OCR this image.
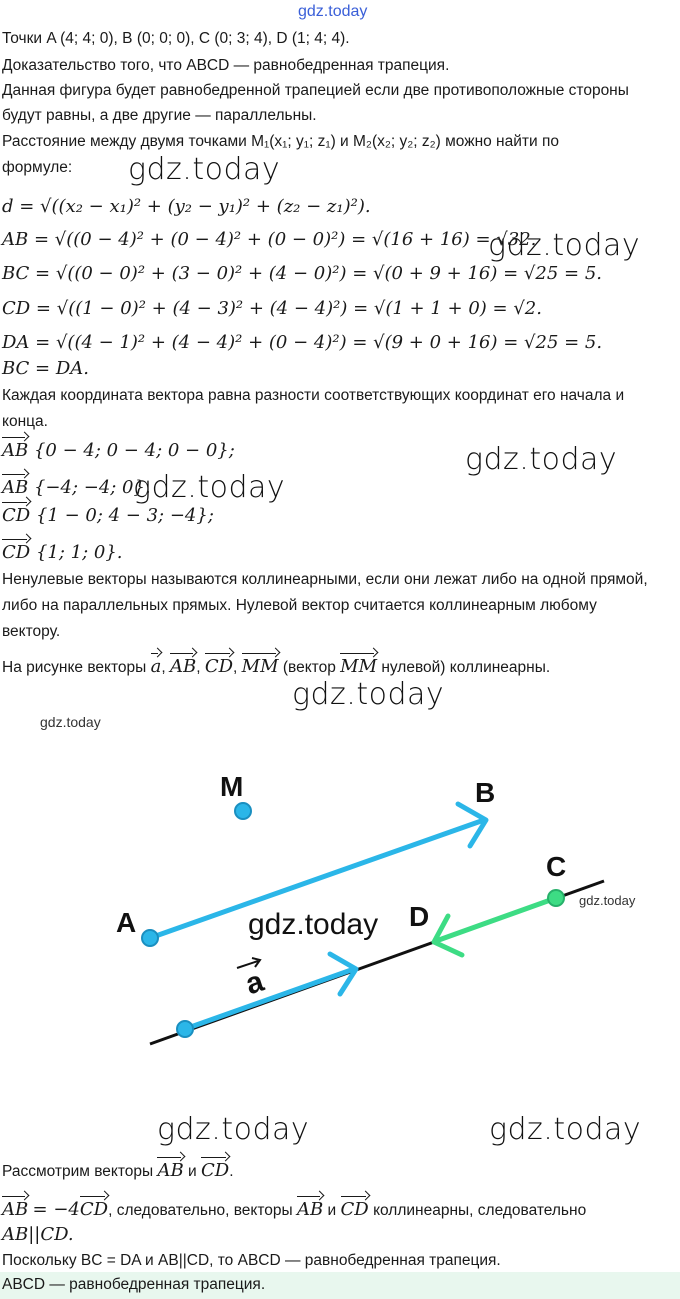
gdz.today
gdz.today
gdz.today
gdz.today
gdz.today
gdz.today
gdz.today
gdz.today	gdz.today
Точки A (4; 4; 0), B (0; 0; 0), C (0; 3; 4), D (1; 4; 4).
Доказательство того, что ABCD — равнобедренная трапеция.
Данная фигура будет равнобедренной трапецией если две противоположные стороны
будут равны, а две другие — параллельны.
Расстояние между двумя точками M₁(x₁; y₁; z₁) и M₂(x₂; y₂; z₂) можно найти по
формуле:
d = √((x₂ − x₁)² + (y₂ − y₁)² + (z₂ − z₁)²).
AB = √((0 − 4)² + (0 − 4)² + (0 − 0)²) = √(16 + 16) = √32.
BC = √((0 − 0)² + (3 − 0)² + (4 − 0)²) = √(0 + 9 + 16) = √25 = 5.
CD = √((1 − 0)² + (4 − 3)² + (4 − 4)²) = √(1 + 1 + 0) = √2.
DA = √((4 − 1)² + (4 − 4)² + (0 − 4)²) = √(9 + 0 + 16) = √25 = 5.
BC = DA.
Каждая координата вектора равна разности соответствующих координат его начала и
конца.
AB {0 − 4; 0 − 4; 0 − 0};
AB {−4; −4; 0}.
CD {1 − 0; 4 − 3; −4};
CD {1; 1; 0}.
Ненулевые векторы называются коллинеарными, если они лежат либо на одной прямой,
либо на параллельных прямых. Нулевой вектор считается коллинеарным любому
вектору.
На рисунке векторы a, AB, CD, MM (вектор MM нулевой) коллинеарны.
M	B
A
C
D
a
gdz.today
gdz.today
Рассмотрим векторы AB и CD.
AB = −4CD, следовательно, векторы AB и CD коллинеарны, следовательно
AB||CD.
Поскольку BC = DA и AB||CD, то ABCD — равнобедренная трапеция.
ABCD — равнобедренная трапеция.
